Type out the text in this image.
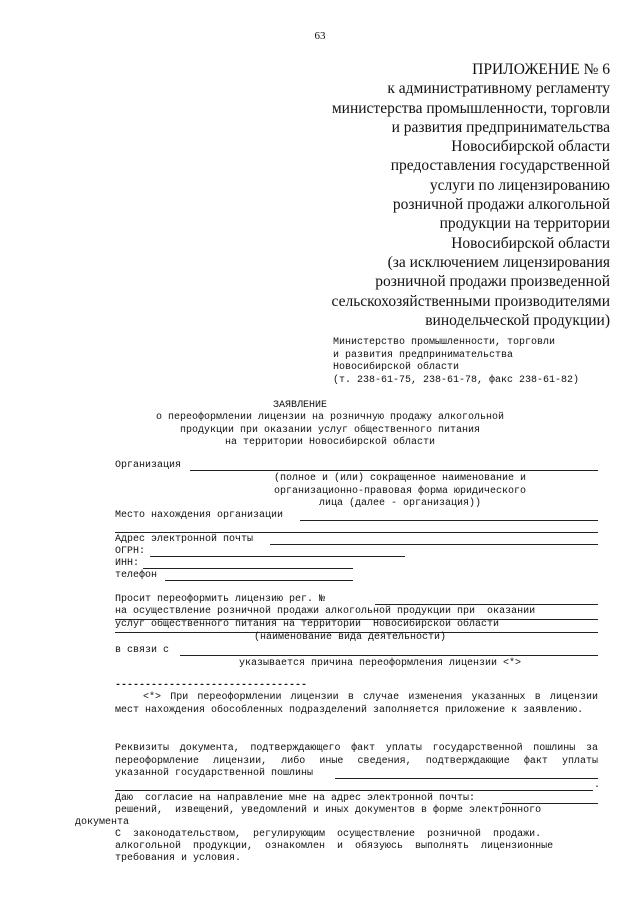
63
ПРИЛОЖЕНИЕ № 6
к административному регламенту
министерства промышленности, торговли
и развития предпринимательства
Новосибирской области
предоставления государственной
услуги по лицензированию
розничной продажи алкогольной
продукции на территории
Новосибирской области
(за исключением лицензирования
розничной продажи произведенной
сельскохозяйственными производителями
винодельческой продукции)
Министерство промышленности, торговли
и развития предпринимательства
Новосибирской области
(т. 238-61-75, 238-61-78, факс 238-61-82)
ЗАЯВЛЕНИЕ
о переоформлении лицензии на розничную продажу алкогольной
продукции при оказании услуг общественного питания
на территории Новосибирской области
Организация
(полное и (или) сокращенное наименование и
организационно-правовая форма юридического
лица (далее - организация))
Место нахождения организации
Адрес электронной почты
ОГРН:
ИНН:
телефон
Просит переоформить лицензию рег. №
на осуществление розничной продажи алкогольной продукции при  оказании
услуг общественного питания на территории  Новосибирской области
(наименование вида деятельности)
в связи с
указывается причина переоформления лицензии <*>
--------------------------------
<*> При переоформлении лицензии в случае изменения указанных в лицензии мест нахождения обособленных подразделений заполняется приложение к заявлению.
Реквизиты документа, подтверждающего факт уплаты государственной пошлины за переоформление лицензии, либо иные сведения, подтверждающие факт уплаты указанной государственной пошлины
.
Даю  согласие на направление мне на адрес электронной почты:
решений,  извещений, уведомлений и иных документов в форме электронного
документа
С  законодательством,  регулирующим  осуществление  розничной  продажи.
алкогольной  продукции,  ознакомлен  и  обязуюсь  выполнять  лицензионные
требования и условия.
